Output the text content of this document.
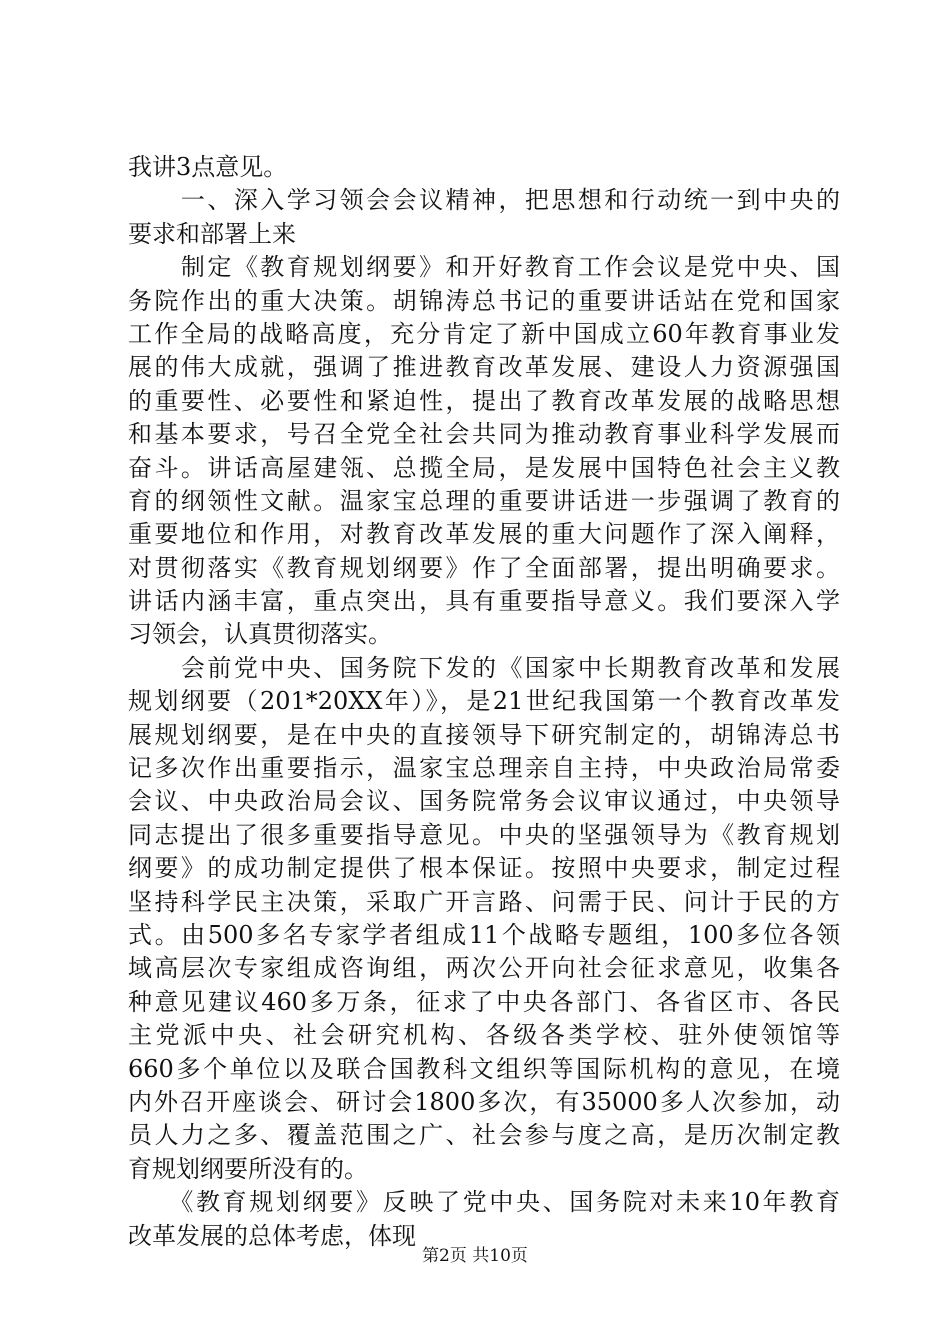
我讲3点意见。
　　一、深入学习领会会议精神，把思想和行动统一到中央的
要求和部署上来
　　制定《教育规划纲要》和开好教育工作会议是党中央、国
务院作出的重大决策。胡锦涛总书记的重要讲话站在党和国家
工作全局的战略高度，充分肯定了新中国成立60年教育事业发
展的伟大成就，强调了推进教育改革发展、建设人力资源强国
的重要性、必要性和紧迫性，提出了教育改革发展的战略思想
和基本要求，号召全党全社会共同为推动教育事业科学发展而
奋斗。讲话高屋建瓴、总揽全局，是发展中国特色社会主义教
育的纲领性文献。温家宝总理的重要讲话进一步强调了教育的
重要地位和作用，对教育改革发展的重大问题作了深入阐释，
对贯彻落实《教育规划纲要》作了全面部署，提出明确要求。
讲话内涵丰富，重点突出，具有重要指导意义。我们要深入学
习领会，认真贯彻落实。
　　会前党中央、国务院下发的《国家中长期教育改革和发展
规划纲要（201*20XX年）》，是21世纪我国第一个教育改革发
展规划纲要，是在中央的直接领导下研究制定的，胡锦涛总书
记多次作出重要指示，温家宝总理亲自主持，中央政治局常委
会议、中央政治局会议、国务院常务会议审议通过，中央领导
同志提出了很多重要指导意见。中央的坚强领导为《教育规划
纲要》的成功制定提供了根本保证。按照中央要求，制定过程
坚持科学民主决策，采取广开言路、问需于民、问计于民的方
式。由500多名专家学者组成11个战略专题组，100多位各领
域高层次专家组成咨询组，两次公开向社会征求意见，收集各
种意见建议460多万条，征求了中央各部门、各省区市、各民
主党派中央、社会研究机构、各级各类学校、驻外使领馆等
660多个单位以及联合国教科文组织等国际机构的意见，在境
内外召开座谈会、研讨会1800多次，有35000多人次参加，动
员人力之多、覆盖范围之广、社会参与度之高，是历次制定教
育规划纲要所没有的。
　　《教育规划纲要》反映了党中央、国务院对未来10年教育
改革发展的总体考虑，体现
第2页 共10页
